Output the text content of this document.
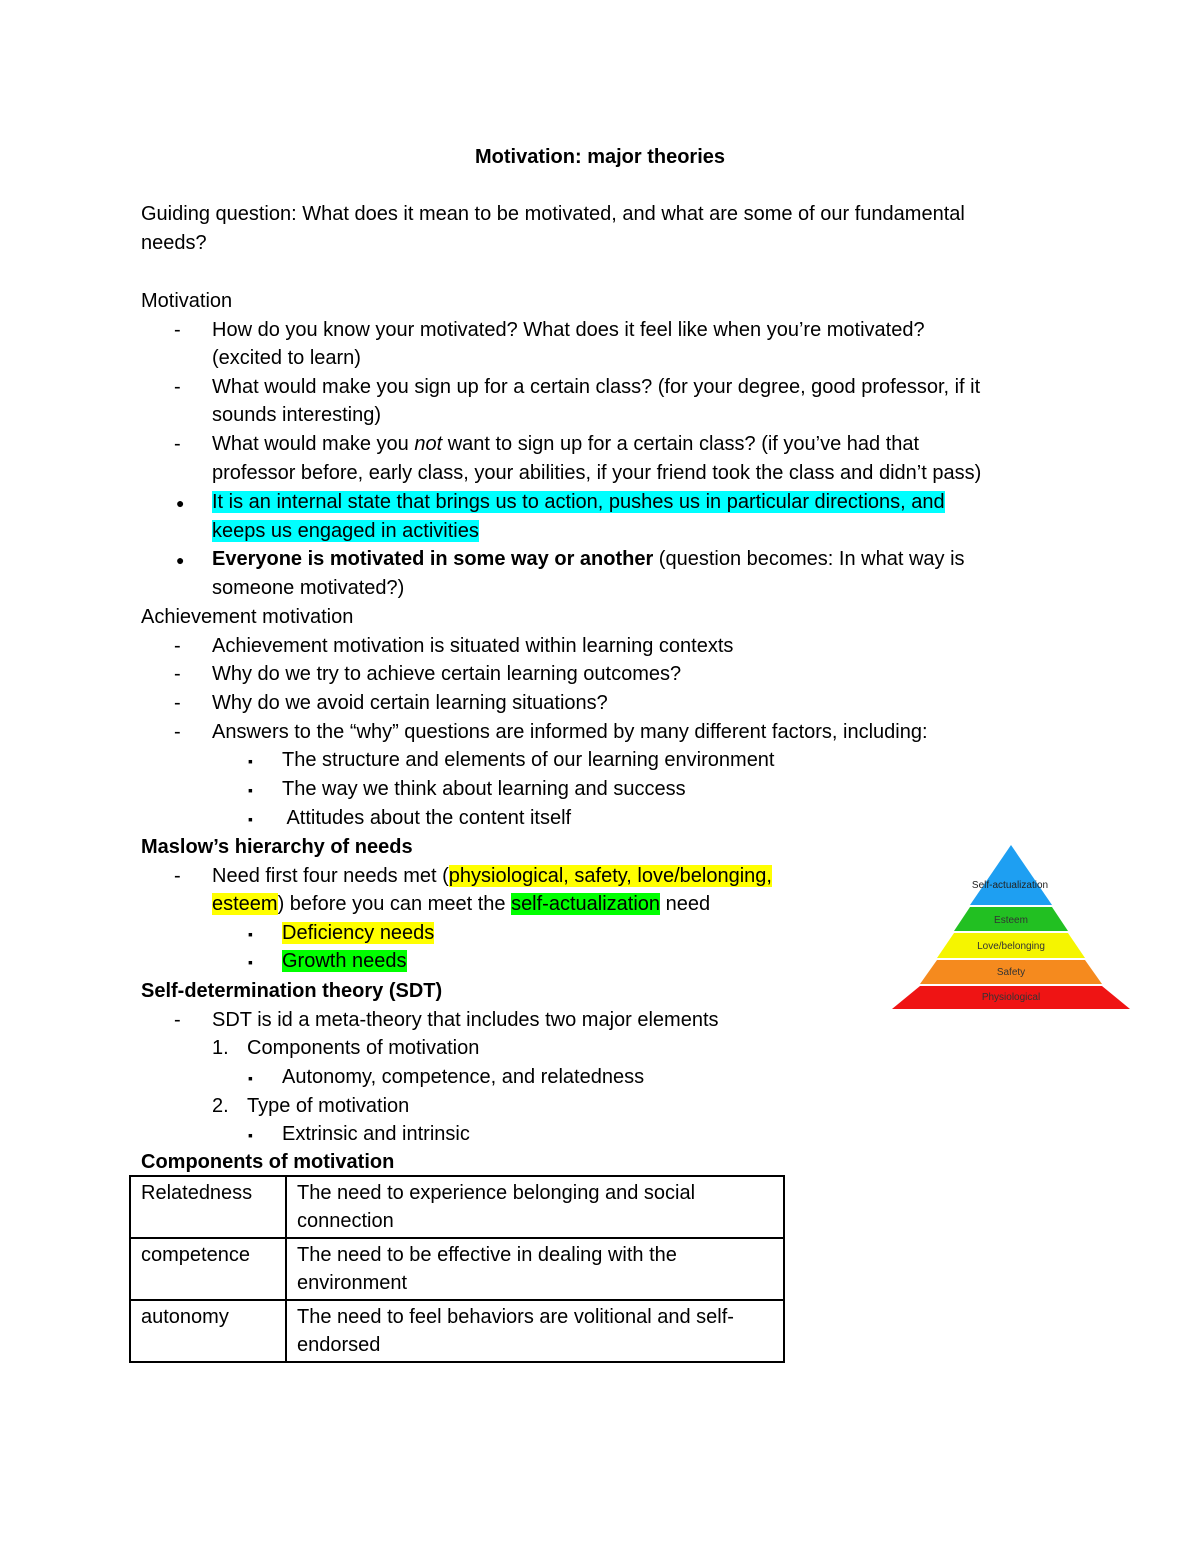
Motivation: major theories
Guiding question: What does it mean to be motivated, and what are some of our fundamental
needs?
Motivation
- How do you know your motivated? What does it feel like when you’re motivated?
(excited to learn)
- What would make you sign up for a certain class? (for your degree, good professor, if it
sounds interesting)
- What would make you not want to sign up for a certain class? (if you’ve had that
professor before, early class, your abilities, if your friend took the class and didn’t pass)
● It is an internal state that brings us to action, pushes us in particular directions, and
keeps us engaged in activities
● Everyone is motivated in some way or another (question becomes: In what way is
someone motivated?)
Achievement motivation
- Achievement motivation is situated within learning contexts
- Why do we try to achieve certain learning outcomes?
- Why do we avoid certain learning situations?
- Answers to the “why” questions are informed by many different factors, including:
▪ The structure and elements of our learning environment
▪ The way we think about learning and success
▪ Attitudes about the content itself
Maslow’s hierarchy of needs
- Need first four needs met (physiological, safety, love/belonging,
esteem) before you can meet the self-actualization need
▪ Deficiency needs
▪ Growth needs
Self-actualization
Esteem
Love/belonging
Safety
Physiological
Self-determination theory (SDT)
- SDT is id a meta-theory that includes two major elements
1. Components of motivation
▪ Autonomy, competence, and relatedness
2. Type of motivation
▪ Extrinsic and intrinsic
Components of motivation
Relatedness	The need to experience belonging and social
connection

competence	The need to be effective in dealing with the
environment

autonomy	The need to feel behaviors are volitional and self-
endorsed
